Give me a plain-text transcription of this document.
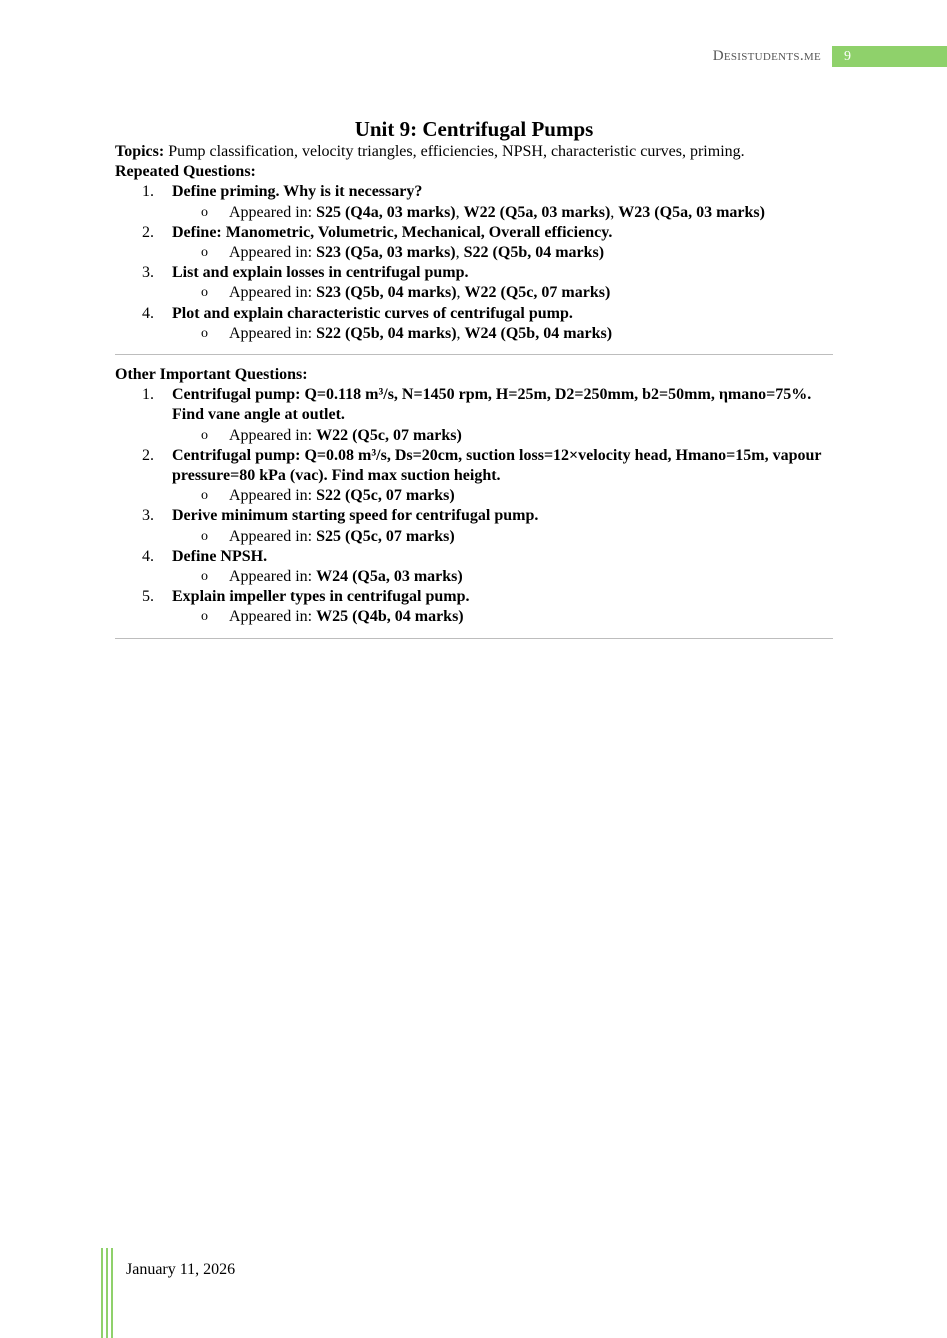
Desistudents.me	9
Unit 9: Centrifugal Pumps

Topics: Pump classification, velocity triangles, efficiencies, NPSH, characteristic curves, priming.

Repeated Questions:
1. Define priming. Why is it necessary?
o Appeared in: S25 (Q4a, 03 marks), W22 (Q5a, 03 marks), W23 (Q5a, 03 marks)
2. Define: Manometric, Volumetric, Mechanical, Overall efficiency.
o Appeared in: S23 (Q5a, 03 marks), S22 (Q5b, 04 marks)
3. List and explain losses in centrifugal pump.
o Appeared in: S23 (Q5b, 04 marks), W22 (Q5c, 07 marks)
4. Plot and explain characteristic curves of centrifugal pump.
o Appeared in: S22 (Q5b, 04 marks), W24 (Q5b, 04 marks)
Other Important Questions:
1. Centrifugal pump: Q=0.118 m³/s, N=1450 rpm, H=25m, D2=250mm, b2=50mm, ηmano=75%. Find vane angle at outlet.
o Appeared in: W22 (Q5c, 07 marks)
2. Centrifugal pump: Q=0.08 m³/s, Ds=20cm, suction loss=12×velocity head, Hmano=15m, vapour pressure=80 kPa (vac). Find max suction height.
o Appeared in: S22 (Q5c, 07 marks)
3. Derive minimum starting speed for centrifugal pump.
o Appeared in: S25 (Q5c, 07 marks)
4. Define NPSH.
o Appeared in: W24 (Q5a, 03 marks)
5. Explain impeller types in centrifugal pump.
o Appeared in: W25 (Q4b, 04 marks)
January 11, 2026
